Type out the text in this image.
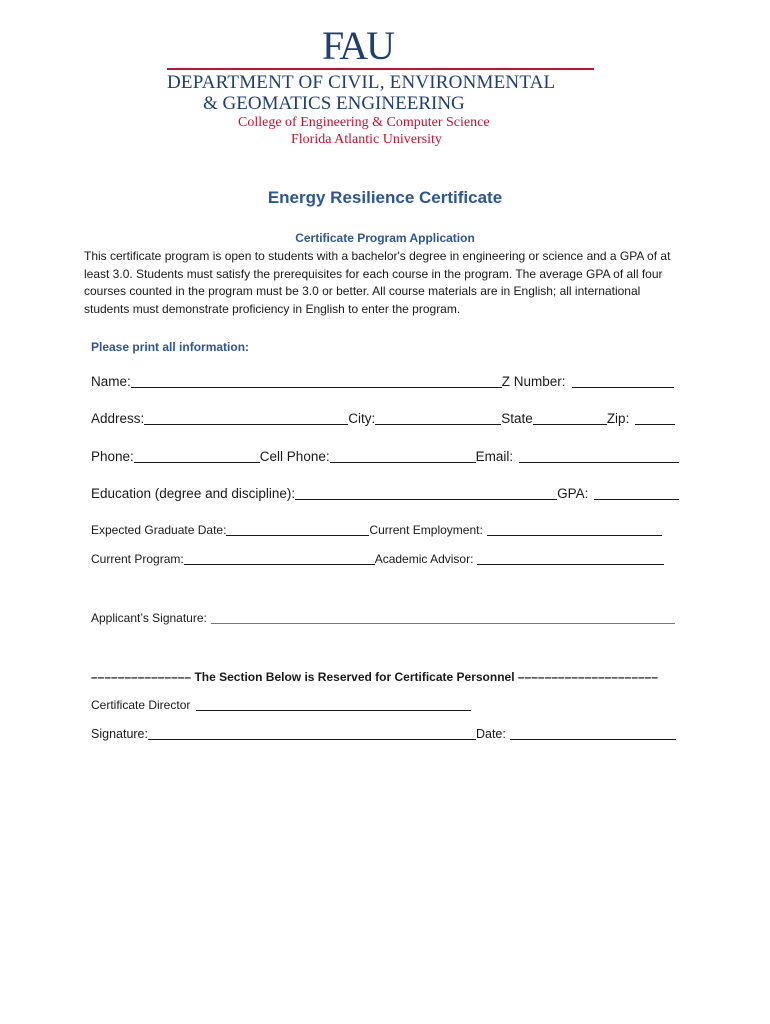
FAU
DEPARTMENT OF CIVIL, ENVIRONMENTAL
& GEOMATICS ENGINEERING
College of Engineering & Computer Science
Florida Atlantic University
Energy Resilience Certificate
Certificate Program Application
This certificate program is open to students with a bachelor's degree in engineering or science and a GPA of at least 3.0. Students must satisfy the prerequisites for each course in the program. The average GPA of all four courses counted in the program must be 3.0 or better. All course materials are in English; all international students must demonstrate proficiency in English to enter the program.
Please print all information:
Name:	Z Number:
Address:	City:	State	Zip:
Phone:	Cell Phone:	Email:
Education (degree and discipline):	GPA:
Expected Graduate Date:	Current Employment:
Current Program:	Academic Advisor:
Applicant’s Signature:
––––––––––––––– The Section Below is Reserved for Certificate Personnel –––––––––––––––––––––
Certificate Director
Signature:	Date:
